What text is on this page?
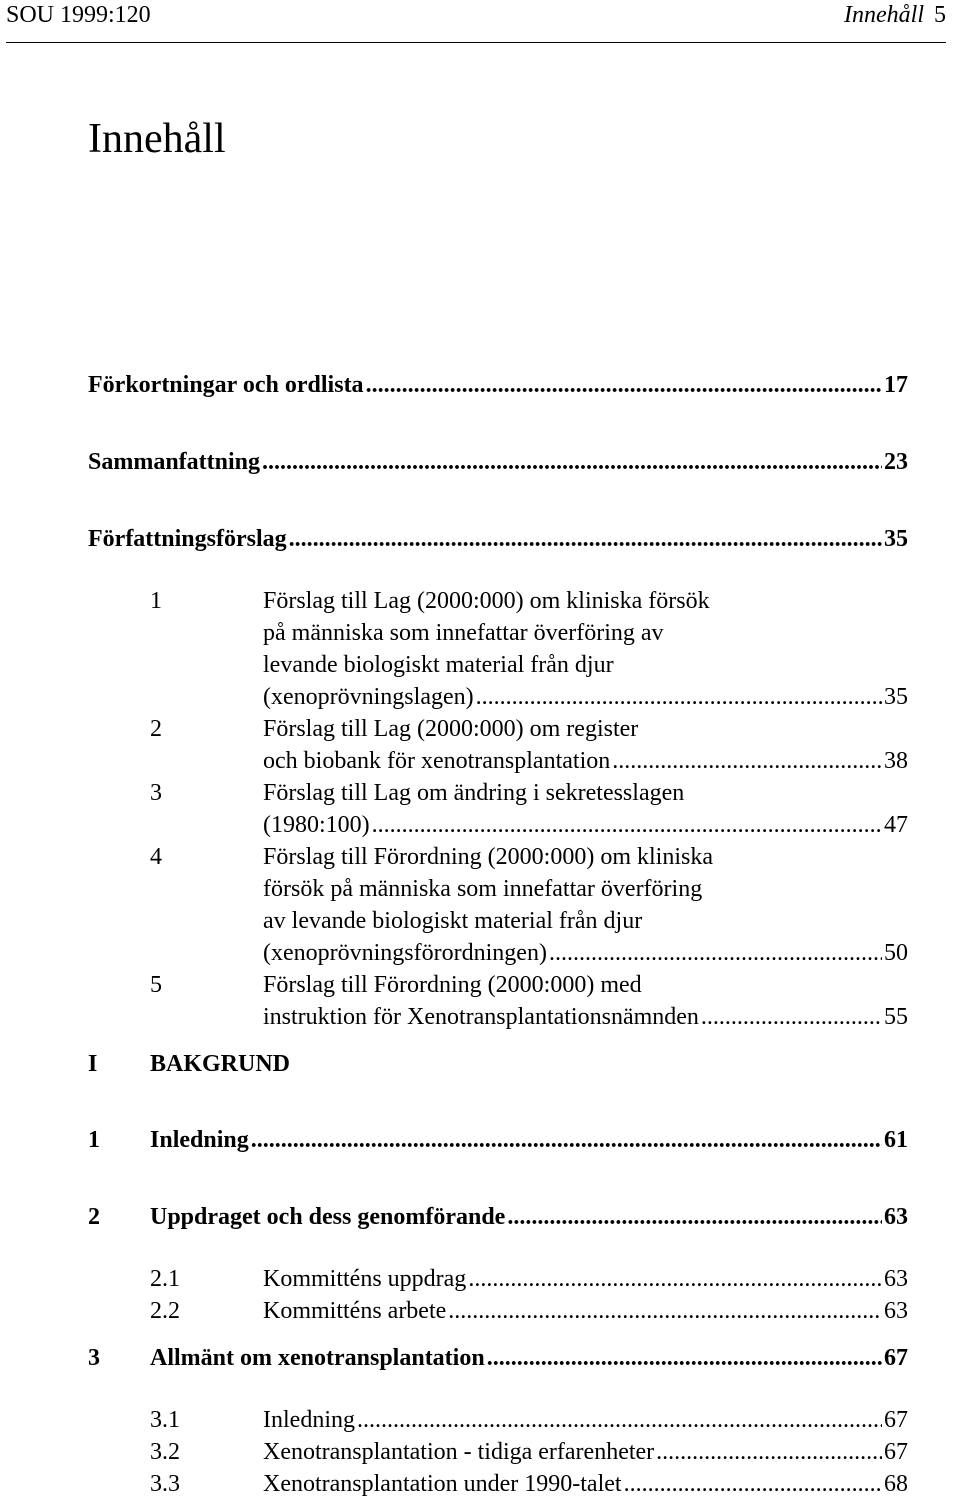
SOU 1999:120	Innehåll 5
Innehåll
Förkortningar och ordlista .....	17
Sammanfattning .....	23
Författningsförslag .....	35
1	Förslag till Lag (2000:000) om kliniska försök
på människa som innefattar överföring av
levande biologiskt material från djur
(xenoprövningslagen) .....	35
2	Förslag till Lag (2000:000) om register
och biobank för xenotransplantation .....	38
3	Förslag till Lag om ändring i sekretesslagen
(1980:100) .....	47
4	Förslag till Förordning (2000:000) om kliniska
försök på människa som innefattar överföring
av levande biologiskt material från djur
(xenoprövningsförordningen) .....	50
5	Förslag till Förordning (2000:000) med
instruktion för Xenotransplantationsnämnden .....	55
I BAKGRUND
1 Inledning .....	61
2 Uppdraget och dess genomförande .....	63
2.1	Kommitténs uppdrag .....	63
2.2	Kommitténs arbete .....	63
3 Allmänt om xenotransplantation .....	67
3.1	Inledning .....	67
3.2	Xenotransplantation - tidiga erfarenheter .....	67
3.3	Xenotransplantation under 1990-talet .....	68
